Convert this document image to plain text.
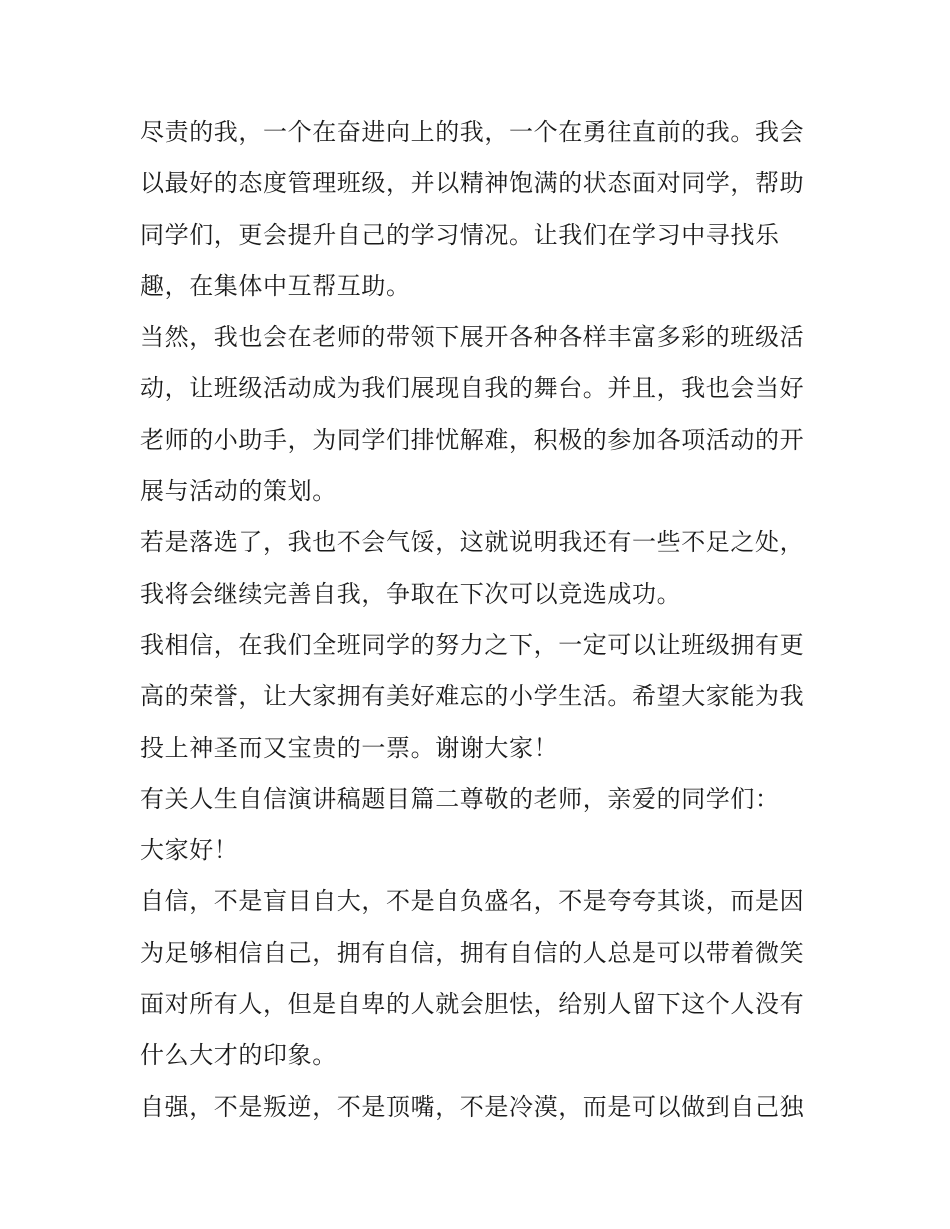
尽责的我，一个在奋进向上的我，一个在勇往直前的我。我会
以最好的态度管理班级，并以精神饱满的状态面对同学，帮助
同学们，更会提升自己的学习情况。让我们在学习中寻找乐
趣，在集体中互帮互助。
当然，我也会在老师的带领下展开各种各样丰富多彩的班级活
动，让班级活动成为我们展现自我的舞台。并且，我也会当好
老师的小助手，为同学们排忧解难，积极的参加各项活动的开
展与活动的策划。
若是落选了，我也不会气馁，这就说明我还有一些不足之处，
我将会继续完善自我，争取在下次可以竞选成功。
我相信，在我们全班同学的努力之下，一定可以让班级拥有更
高的荣誉，让大家拥有美好难忘的小学生活。希望大家能为我
投上神圣而又宝贵的一票。谢谢大家！
有关人生自信演讲稿题目篇二尊敬的老师，亲爱的同学们：
大家好！
自信，不是盲目自大，不是自负盛名，不是夸夸其谈，而是因
为足够相信自己，拥有自信，拥有自信的人总是可以带着微笑
面对所有人，但是自卑的人就会胆怯，给别人留下这个人没有
什么大才的印象。
自强，不是叛逆，不是顶嘴，不是冷漠，而是可以做到自己独
